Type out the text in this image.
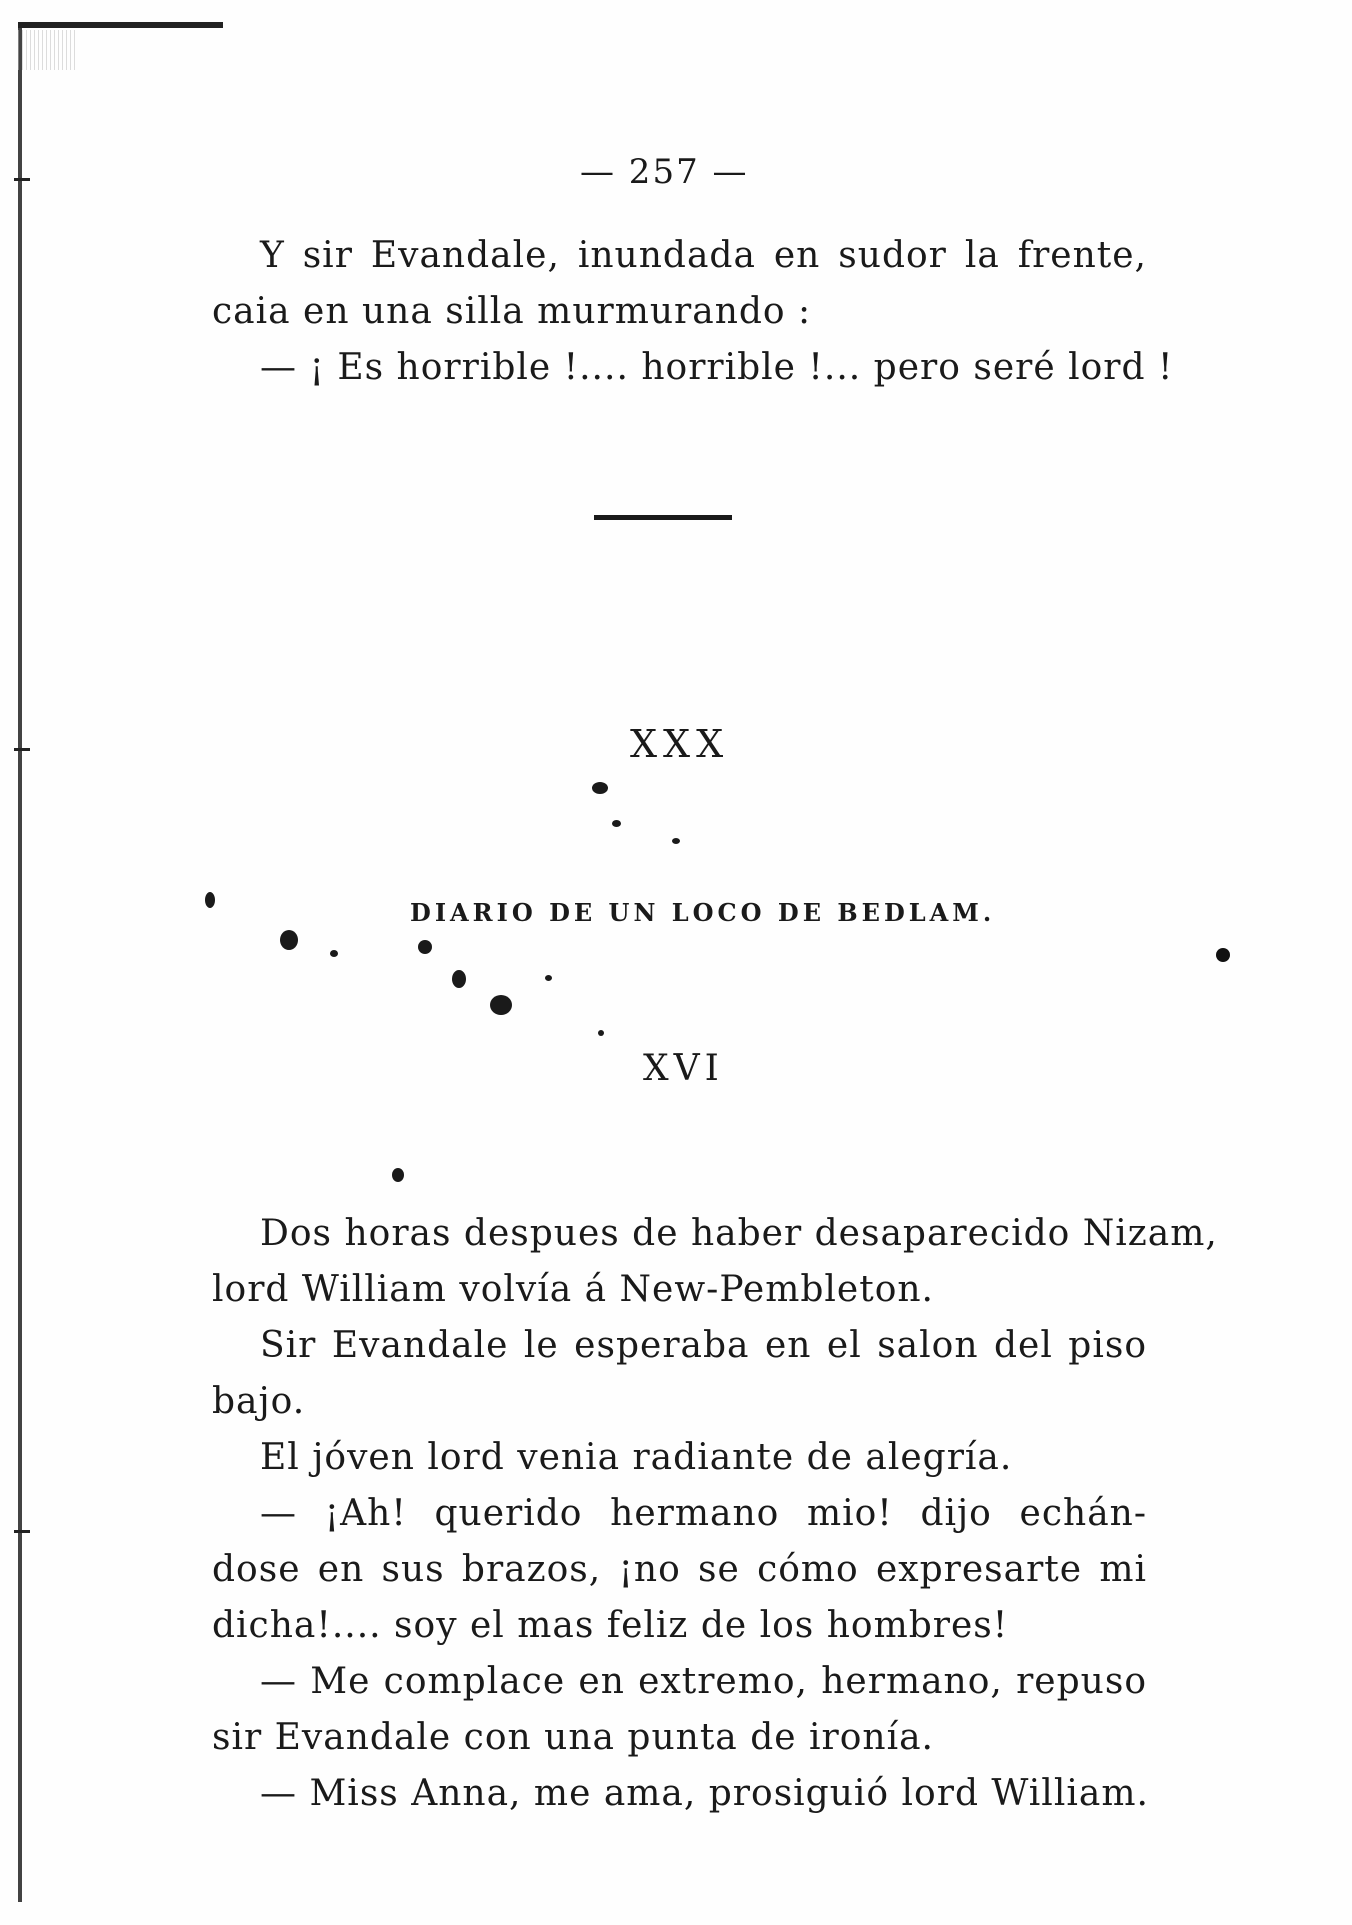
— 257 —
Y sir Evandale, inundada en sudor la frente,
caia en una silla murmurando :
— ¡ Es horrible !.... horrible !... pero seré lord !
XXX
DIARIO DE UN LOCO DE BEDLAM.
XVI
Dos horas despues de haber desaparecido Nizam,
lord William volvía á New-Pembleton.
Sir Evandale le esperaba en el salon del piso
bajo.
El jóven lord venia radiante de alegría.
— ¡Ah! querido hermano mio! dijo echán-
dose en sus brazos, ¡no se cómo expresarte mi
dicha!.... soy el mas feliz de los hombres!
— Me complace en extremo, hermano, repuso
sir Evandale con una punta de ironía.
— Miss Anna, me ama, prosiguió lord William.
